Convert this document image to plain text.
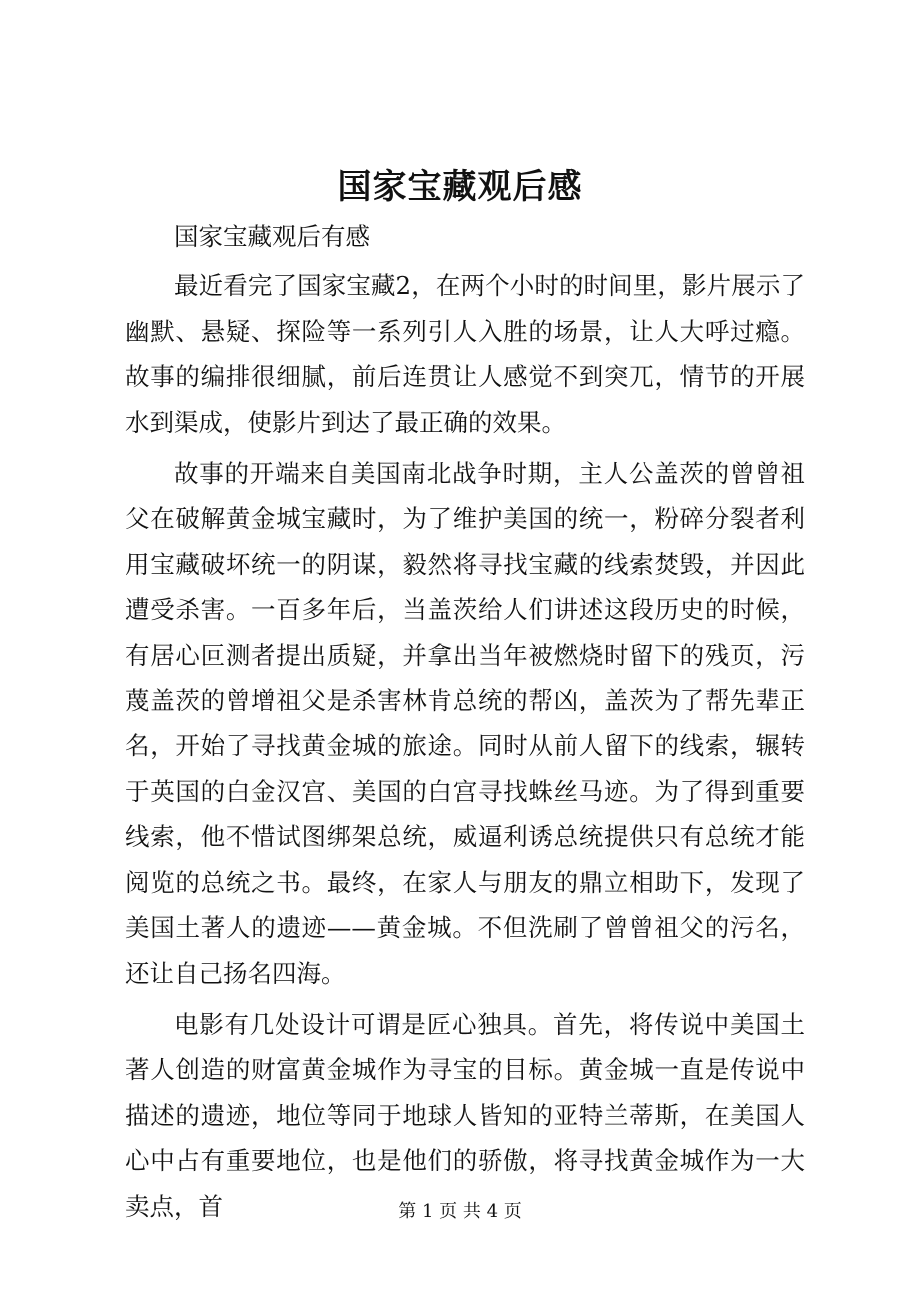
国家宝藏观后感

国家宝藏观后有感

最近看完了国家宝藏2，在两个小时的时间里，影片展示了幽默、悬疑、探险等一系列引人入胜的场景，让人大呼过瘾。故事的编排很细腻，前后连贯让人感觉不到突兀，情节的开展水到渠成，使影片到达了最正确的效果。

故事的开端来自美国南北战争时期，主人公盖茨的曾曾祖父在破解黄金城宝藏时，为了维护美国的统一，粉碎分裂者利用宝藏破坏统一的阴谋，毅然将寻找宝藏的线索焚毁，并因此遭受杀害。一百多年后，当盖茨给人们讲述这段历史的时候，有居心叵测者提出质疑，并拿出当年被燃烧时留下的残页，污蔑盖茨的曾增祖父是杀害林肯总统的帮凶，盖茨为了帮先辈正名，开始了寻找黄金城的旅途。同时从前人留下的线索，辗转于英国的白金汉宫、美国的白宫寻找蛛丝马迹。为了得到重要线索，他不惜试图绑架总统，威逼利诱总统提供只有总统才能阅览的总统之书。最终，在家人与朋友的鼎立相助下，发现了美国土著人的遗迹——黄金城。不但洗刷了曾曾祖父的污名，还让自己扬名四海。

电影有几处设计可谓是匠心独具。首先，将传说中美国土著人创造的财富黄金城作为寻宝的目标。黄金城一直是传说中描述的遗迹，地位等同于地球人皆知的亚特兰蒂斯，在美国人心中占有重要地位，也是他们的骄傲，将寻找黄金城作为一大卖点，首	第 1 页 共 4 页
